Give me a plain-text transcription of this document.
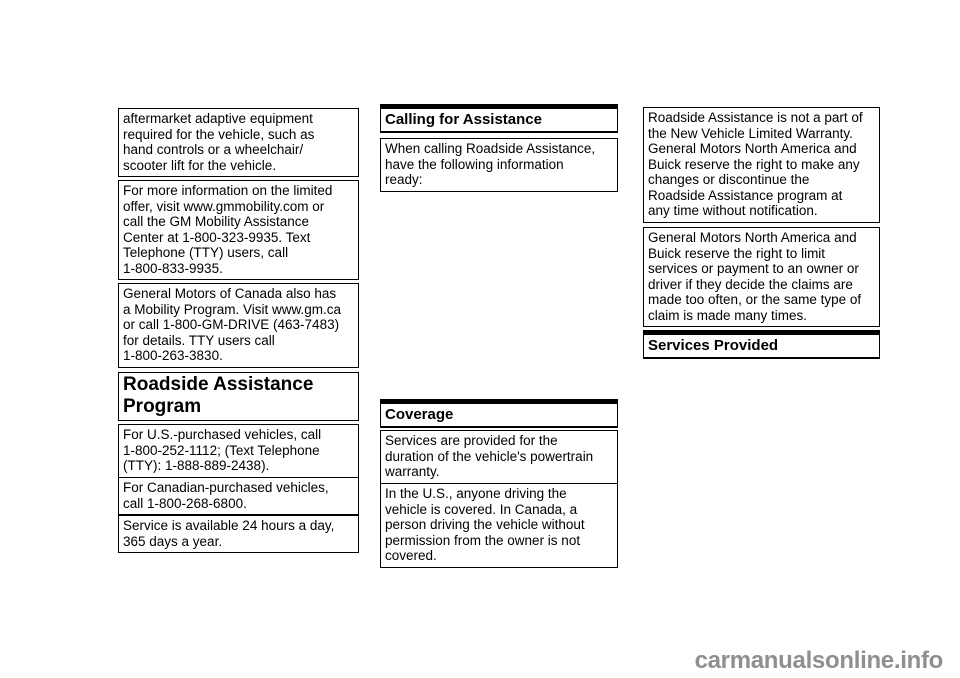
aftermarket adaptive equipment
required for the vehicle, such as
hand controls or a wheelchair/
scooter lift for the vehicle.
For more information on the limited
offer, visit www.gmmobility.com or
call the GM Mobility Assistance
Center at 1-800-323-9935. Text
Telephone (TTY) users, call
1-800-833-9935.
General Motors of Canada also has
a Mobility Program. Visit www.gm.ca
or call 1-800-GM-DRIVE (463-7483)
for details. TTY users call
1-800-263-3830.
Roadside Assistance
Program
For U.S.-purchased vehicles, call
1-800-252-1112; (Text Telephone
(TTY): 1-888-889-2438).
For Canadian-purchased vehicles,
call 1-800-268-6800.
Service is available 24 hours a day,
365 days a year.
Calling for Assistance
When calling Roadside Assistance,
have the following information
ready:
Coverage
Services are provided for the
duration of the vehicle's powertrain
warranty.
In the U.S., anyone driving the
vehicle is covered. In Canada, a
person driving the vehicle without
permission from the owner is not
covered.
Roadside Assistance is not a part of
the New Vehicle Limited Warranty.
General Motors North America and
Buick reserve the right to make any
changes or discontinue the
Roadside Assistance program at
any time without notification.
General Motors North America and
Buick reserve the right to limit
services or payment to an owner or
driver if they decide the claims are
made too often, or the same type of
claim is made many times.
Services Provided
carmanualsonline.info
